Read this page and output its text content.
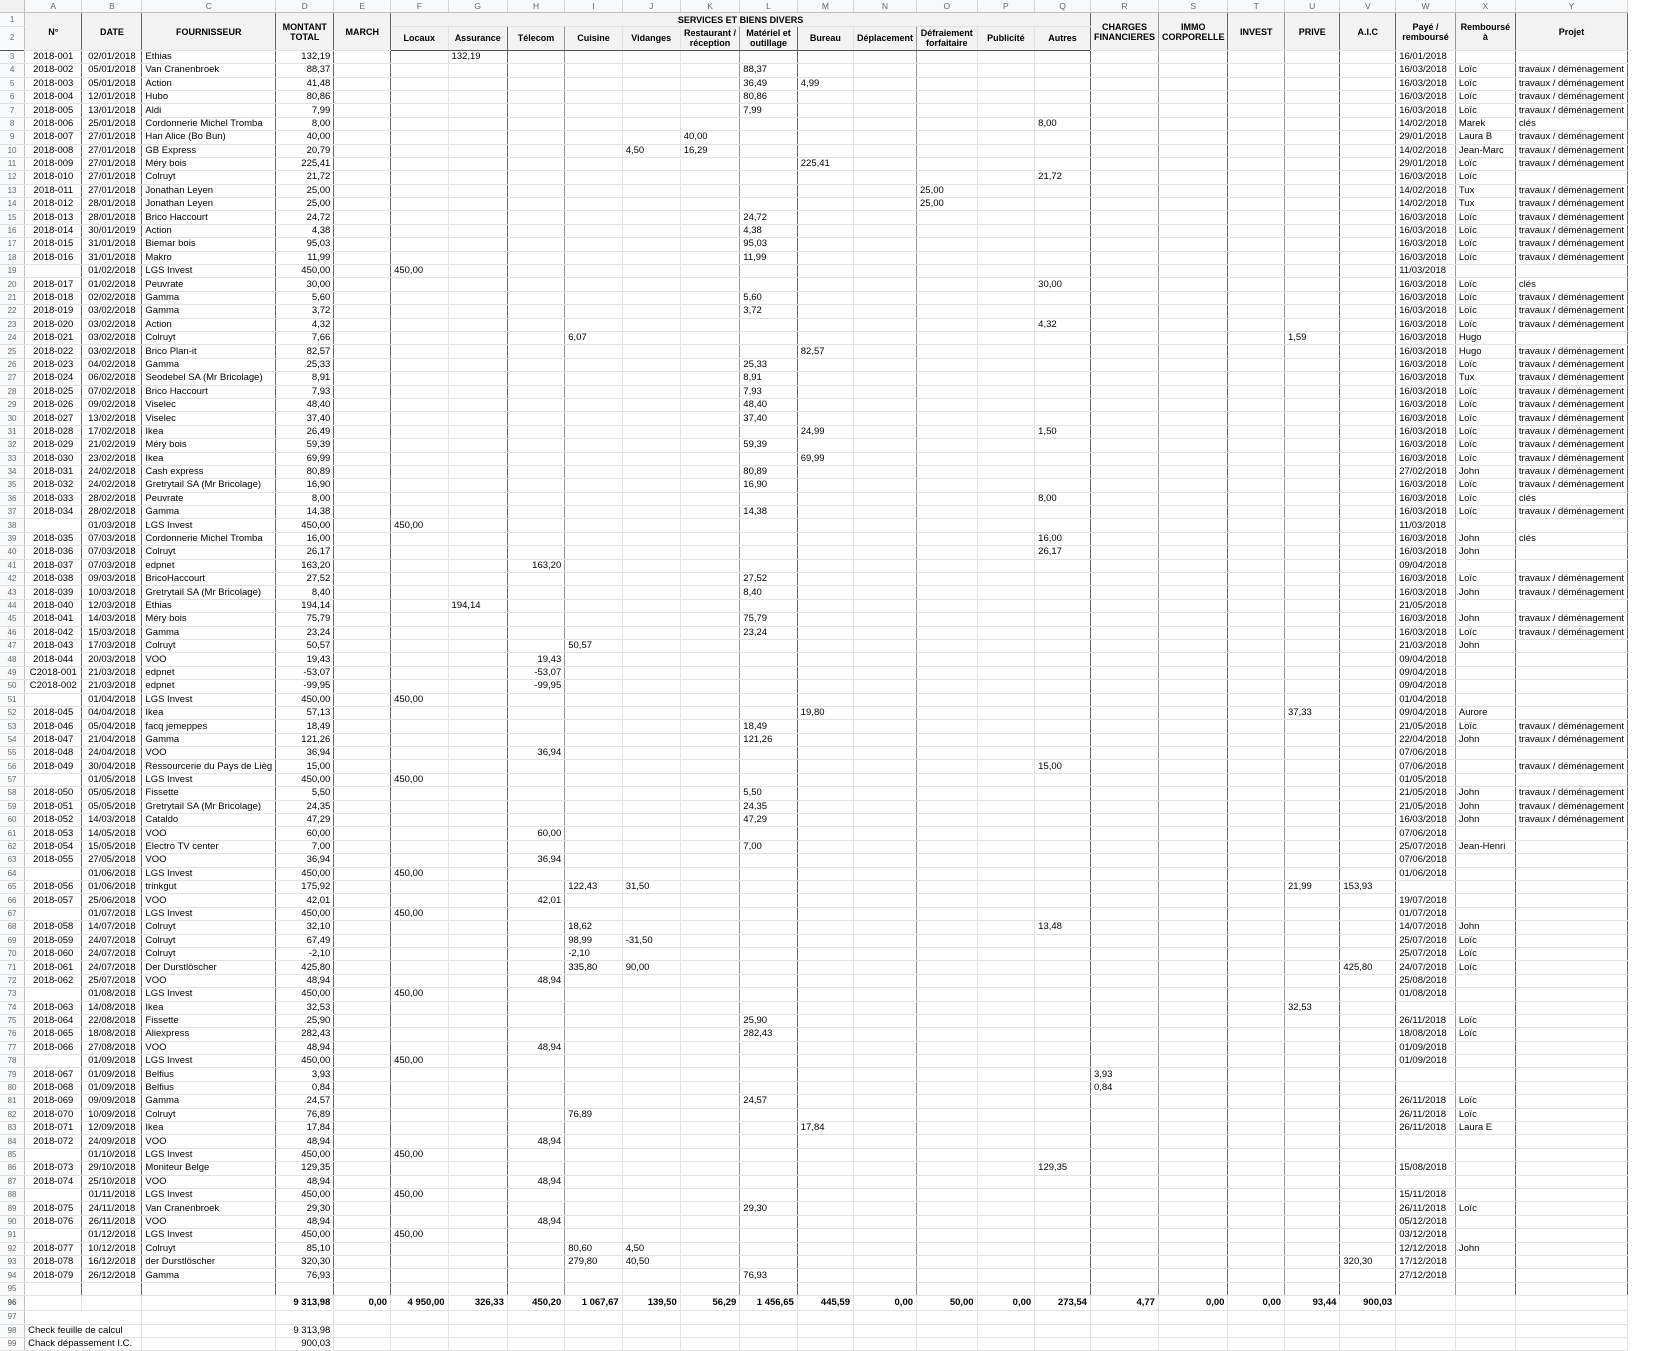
	A	B	C	D	E	F	G	H	I	J	K	L	M	N	O	P	Q	R	S	T	U	V	W	X	Y
1	N°	DATE	FOURNISSEUR	MONTANT TOTAL	MARCH	SERVICES ET BIENS DIVERS												CHARGES FINANCIERES	IMMO CORPORELLE	INVEST	PRIVE	A.I.C	Payé / remboursé	Remboursé à	Projet
2						Locaux	Assurance	Télecom	Cuisine	Vidanges	Restaurant / réception	Matériel et outillage	Bureau	Déplacement	Défraiement forfaitaire	Publicité	Autres								
3	2018-001	02/01/2018	Ethias	132,19			132,19																16/01/2018		
4	2018-002	05/01/2018	Van Cranenbroek	88,37								88,37											16/03/2018	Loïc	travaux / déménagement
5	2018-003	05/01/2018	Action	41,48								36,49	4,99										16/03/2018	Loïc	travaux / déménagement
6	2018-004	12/01/2018	Hubo	80,86								80,86											16/03/2018	Loïc	travaux / déménagement
7	2018-005	13/01/2018	Aldi	7,99								7,99											16/03/2018	Loïc	travaux / déménagement
8	2018-006	25/01/2018	Cordonnerie Michel Tromba	8,00													8,00						14/02/2018	Marek	clés
9	2018-007	27/01/2018	Han Alice (Bo Bun)	40,00							40,00												29/01/2018	Laura B	travaux / déménagement
10	2018-008	27/01/2018	GB Express	20,79						4,50	16,29												14/02/2018	Jean-Marc	travaux / déménagement
11	2018-009	27/01/2018	Méry bois	225,41									225,41										29/01/2018	Loïc	travaux / déménagement
12	2018-010	27/01/2018	Colruyt	21,72													21,72						16/03/2018	Loïc	
13	2018-011	27/01/2018	Jonathan Leyen	25,00											25,00								14/02/2018	Tux	travaux / déménagement
14	2018-012	28/01/2018	Jonathan Leyen	25,00											25,00								14/02/2018	Tux	travaux / déménagement
15	2018-013	28/01/2018	Brico Haccourt	24,72								24,72											16/03/2018	Loïc	travaux / déménagement
16	2018-014	30/01/2019	Action	4,38								4,38											16/03/2018	Loïc	travaux / déménagement
17	2018-015	31/01/2018	Biemar bois	95,03								95,03											16/03/2018	Loïc	travaux / déménagement
18	2018-016	31/01/2018	Makro	11,99								11,99											16/03/2018	Loïc	travaux / déménagement
19		01/02/2018	LGS Invest	450,00		450,00																	11/03/2018		
20	2018-017	01/02/2018	Peuvrate	30,00													30,00						16/03/2018	Loïc	clés
21	2018-018	02/02/2018	Gamma	5,60								5,60											16/03/2018	Loïc	travaux / déménagement
22	2018-019	03/02/2018	Gamma	3,72								3,72											16/03/2018	Loïc	travaux / déménagement
23	2018-020	03/02/2018	Action	4,32													4,32						16/03/2018	Loïc	travaux / déménagement
24	2018-021	03/02/2018	Colruyt	7,66					6,07												1,59		16/03/2018	Hugo	
25	2018-022	03/02/2018	Brico Plan-it	82,57									82,57										16/03/2018	Hugo	travaux / déménagement
26	2018-023	04/02/2018	Gamma	25,33								25,33											16/03/2018	Loïc	travaux / déménagement
27	2018-024	06/02/2018	Seodebel SA (Mr Bricolage)	8,91								8,91											16/03/2018	Tux	travaux / déménagement
28	2018-025	07/02/2018	Brico Haccourt	7,93								7,93											16/03/2018	Loïc	travaux / déménagement
29	2018-026	09/02/2018	Viselec	48,40								48,40											16/03/2018	Loïc	travaux / déménagement
30	2018-027	13/02/2018	Viselec	37,40								37,40											16/03/2018	Loïc	travaux / déménagement
31	2018-028	17/02/2018	Ikea	26,49									24,99				1,50						16/03/2018	Loïc	travaux / déménagement
32	2018-029	21/02/2019	Méry bois	59,39								59,39											16/03/2018	Loïc	travaux / déménagement
33	2018-030	23/02/2018	Ikea	69,99									69,99										16/03/2018	Loïc	travaux / déménagement
34	2018-031	24/02/2018	Cash express	80,89								80,89											27/02/2018	John	travaux / déménagement
35	2018-032	24/02/2018	Gretrytail SA (Mr Bricolage)	16,90								16,90											16/03/2018	Loïc	travaux / déménagement
36	2018-033	28/02/2018	Peuvrate	8,00													8,00						16/03/2018	Loïc	clés
37	2018-034	28/02/2018	Gamma	14,38								14,38											16/03/2018	Loïc	travaux / déménagement
38		01/03/2018	LGS Invest	450,00		450,00																	11/03/2018		
39	2018-035	07/03/2018	Cordonnerie Michel Tromba	16,00													16,00						16/03/2018	John	clés
40	2018-036	07/03/2018	Colruyt	26,17													26,17						16/03/2018	John	
41	2018-037	07/03/2018	edpnet	163,20				163,20															09/04/2018		
42	2018-038	09/03/2018	BricoHaccourt	27,52								27,52											16/03/2018	Loïc	travaux / déménagement
43	2018-039	10/03/2018	Gretrytail SA (Mr Bricolage)	8,40								8,40											16/03/2018	John	travaux / déménagement
44	2018-040	12/03/2018	Ethias	194,14			194,14																21/05/2018		
45	2018-041	14/03/2018	Méry bois	75,79								75,79											16/03/2018	John	travaux / déménagement
46	2018-042	15/03/2018	Gamma	23,24								23,24											16/03/2018	Loïc	travaux / déménagement
47	2018-043	17/03/2018	Colruyt	50,57					50,57														21/03/2018	John	
48	2018-044	20/03/2018	VOO	19,43				19,43															09/04/2018		
49	C2018-001	21/03/2018	edpnet	-53,07				-53,07															09/04/2018		
50	C2018-002	21/03/2018	edpnet	-99,95				-99,95															09/04/2018		
51		01/04/2018	LGS Invest	450,00		450,00																	01/04/2018		
52	2018-045	04/04/2018	Ikea	57,13									19,80								37,33		09/04/2018	Aurore	
53	2018-046	05/04/2018	facq jemeppes	18,49								18,49											21/05/2018	Loïc	travaux / déménagement
54	2018-047	21/04/2018	Gamma	121,26								121,26											22/04/2018	John	travaux / déménagement
55	2018-048	24/04/2018	VOO	36,94				36,94															07/06/2018		
56	2018-049	30/04/2018	Ressourcerie du Pays de Lièg	15,00													15,00						07/06/2018		travaux / déménagement
57		01/05/2018	LGS Invest	450,00		450,00																	01/05/2018		
58	2018-050	05/05/2018	Fissette	5,50								5,50											21/05/2018	John	travaux / déménagement
59	2018-051	05/05/2018	Gretrytail SA (Mr Bricolage)	24,35								24,35											21/05/2018	John	travaux / déménagement
60	2018-052	14/03/2018	Cataldo	47,29								47,29											16/03/2018	John	travaux / déménagement
61	2018-053	14/05/2018	VOO	60,00				60,00															07/06/2018		
62	2018-054	15/05/2018	Electro TV center	7,00								7,00											25/07/2018	Jean-Henri	
63	2018-055	27/05/2018	VOO	36,94				36,94															07/06/2018		
64		01/06/2018	LGS Invest	450,00		450,00																	01/06/2018		
65	2018-056	01/06/2018	trinkgut	175,92					122,43	31,50											21,99	153,93			
66	2018-057	25/06/2018	VOO	42,01				42,01															19/07/2018		
67		01/07/2018	LGS Invest	450,00		450,00																	01/07/2018		
68	2018-058	14/07/2018	Colruyt	32,10					18,62								13,48						14/07/2018	John	
69	2018-059	24/07/2018	Colruyt	67,49					98,99	-31,50													25/07/2018	Loïc	
70	2018-060	24/07/2018	Colruyt	-2,10					-2,10														25/07/2018	Loïc	
71	2018-061	24/07/2018	Der Durstlöscher	425,80					335,80	90,00												425,80	24/07/2018	Loïc	
72	2018-062	25/07/2018	VOO	48,94				48,94															25/08/2018		
73		01/08/2018	LGS Invest	450,00		450,00																	01/08/2018		
74	2018-063	14/08/2018	Ikea	32,53																	32,53				
75	2018-064	22/08/2018	Fissette	25,90								25,90											26/11/2018	Loïc	
76	2018-065	18/08/2018	Aliexpress	282,43								282,43											18/08/2018	Loïc	
77	2018-066	27/08/2018	VOO	48,94				48,94															01/09/2018		
78		01/09/2018	LGS Invest	450,00		450,00																	01/09/2018		
79	2018-067	01/09/2018	Belfius	3,93														3,93							
80	2018-068	01/09/2018	Belfius	0,84														0,84							
81	2018-069	09/09/2018	Gamma	24,57								24,57											26/11/2018	Loïc	
82	2018-070	10/09/2018	Colruyt	76,89					76,89														26/11/2018	Loïc	
83	2018-071	12/09/2018	Ikea	17,84									17,84										26/11/2018	Laura E	
84	2018-072	24/09/2018	VOO	48,94				48,94																	
85		01/10/2018	LGS Invest	450,00		450,00																			
86	2018-073	29/10/2018	Moniteur Belge	129,35													129,35						15/08/2018		
87	2018-074	25/10/2018	VOO	48,94				48,94																	
88		01/11/2018	LGS Invest	450,00		450,00																	15/11/2018		
89	2018-075	24/11/2018	Van Cranenbroek	29,30								29,30											26/11/2018	Loïc	
90	2018-076	26/11/2018	VOO	48,94				48,94															05/12/2018		
91		01/12/2018	LGS Invest	450,00		450,00																	03/12/2018		
92	2018-077	10/12/2018	Colruyt	85,10					80,60	4,50													12/12/2018	John	
93	2018-078	16/12/2018	der Durstlöscher	320,30					279,80	40,50												320,30	17/12/2018		
94	2018-079	26/12/2018	Gamma	76,93								76,93											27/12/2018		
95																									
96				9 313,98	0,00	4 950,00	326,33	450,20	1 067,67	139,50	56,29	1 456,65	445,59	0,00	50,00	0,00	273,54	4,77	0,00	0,00	93,44	900,03			
97																									
98	Check feuille de calcul			9 313,98																					
99	Chack dépassement I.C.			900,03																					
